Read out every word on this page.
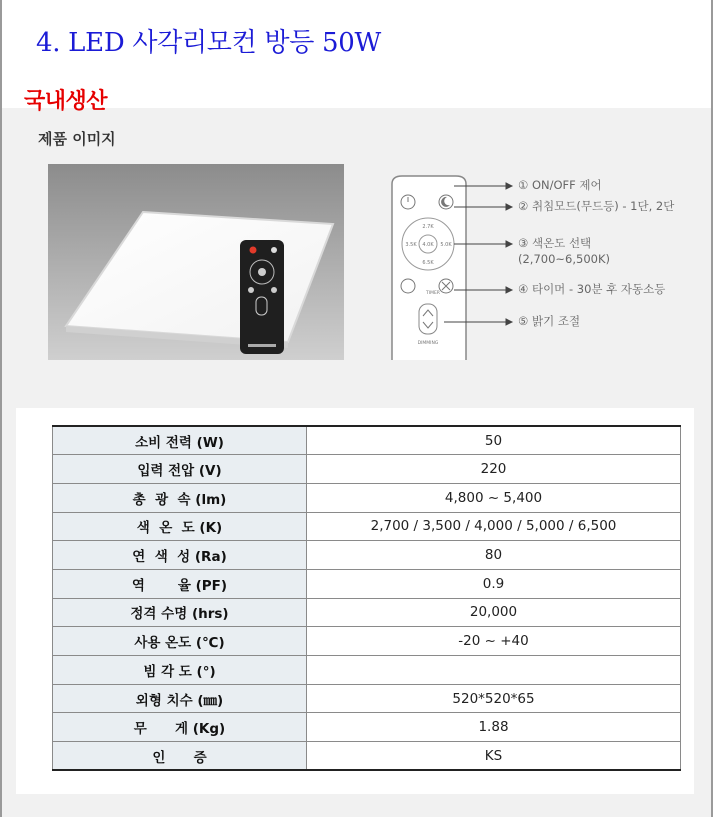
4. LED 사각리모컨 방등 50W
국내생산
제품 이미지
2.7K
3.5K 4.0K 5.0K
6.5K
TIMER
DIMMING
① ON/OFF 제어
② 취침모드(무드등) - 1단, 2단
③ 색온도 선택
(2,700~6,500K)
④ 타이머 - 30분 후 자동소등
⑤ 밝기 조절
소비 전력 (W)	50
입력 전압 (V)	220
총  광  속 (lm)	4,800 ~ 5,400
색  온  도 (K)	2,700 / 3,500 / 4,000 / 5,000 / 6,500
연  색  성 (Ra)	80
역       율 (PF)	0.9
정격 수명 (hrs)	20,000
사용 온도 (℃)	-20 ~ +40
빔 각 도 (°)	
외형 치수 (㎜)	520*520*65
무      게 (Kg)	1.88
인      증	KS
